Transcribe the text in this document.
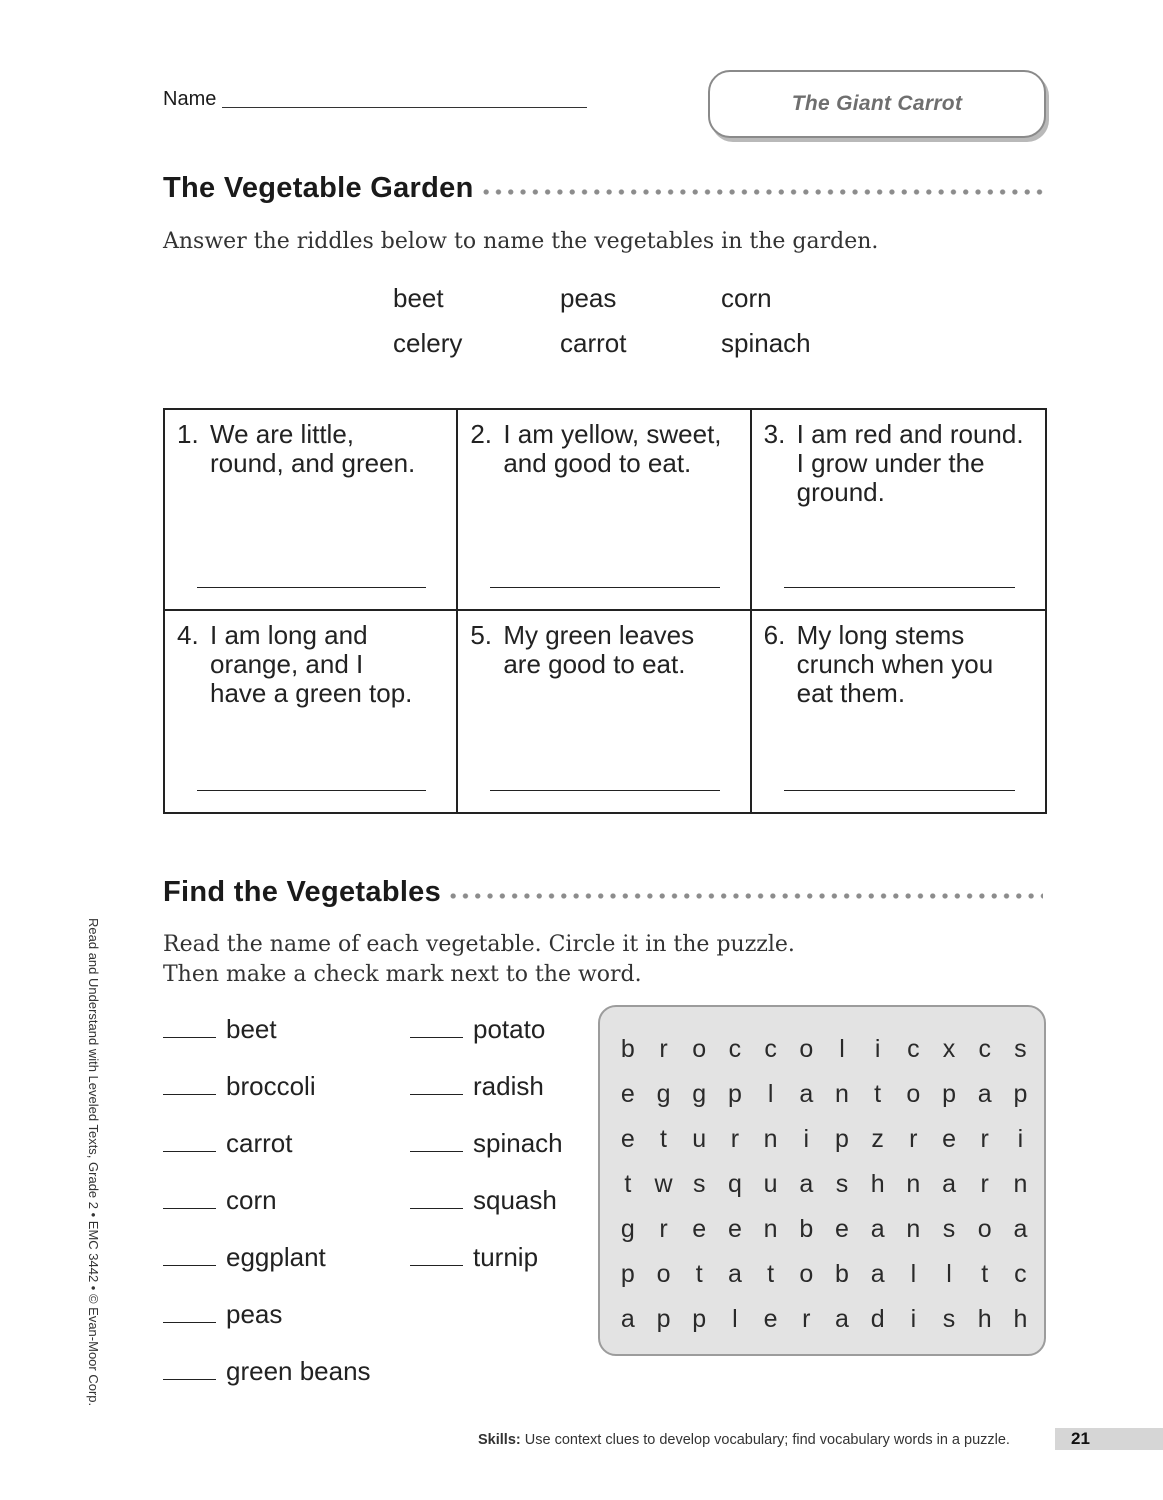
Name	The Giant Carrot
The Vegetable Garden
Answer the riddles below to name the vegetables in the garden.
beet	peas	corn
celery	carrot	spinach
1. We are little,
round, and green.
2. I am yellow, sweet,
and good to eat.
3. I am red and round.
I grow under the
ground.
4. I am long and
orange, and I
have a green top.
5. My green leaves
are good to eat.
6. My long stems
crunch when you
eat them.
Find the Vegetables
Read the name of each vegetable. Circle it in the puzzle.
Then make a check mark next to the word.
beet
broccoli
carrot
corn
eggplant
peas
green beans
potato
radish
spinach
squash
turnip
b r o c c o	l	i	c x c s
e g g p	l	a n	t	o p a p
e	t	u r n	i	p z	r e r	i
t w s q u a s h n a r n
g r e e n b e a n s o a
p o	t	a	t	o b a	l	l	t	c
a p p	l	e r a d	i	s h h
Read and Understand with Leveled Texts, Grade 2 • EMC 3442 • © Evan-Moor Corp.
Skills: Use context clues to develop vocabulary; find vocabulary words in a puzzle.	21
